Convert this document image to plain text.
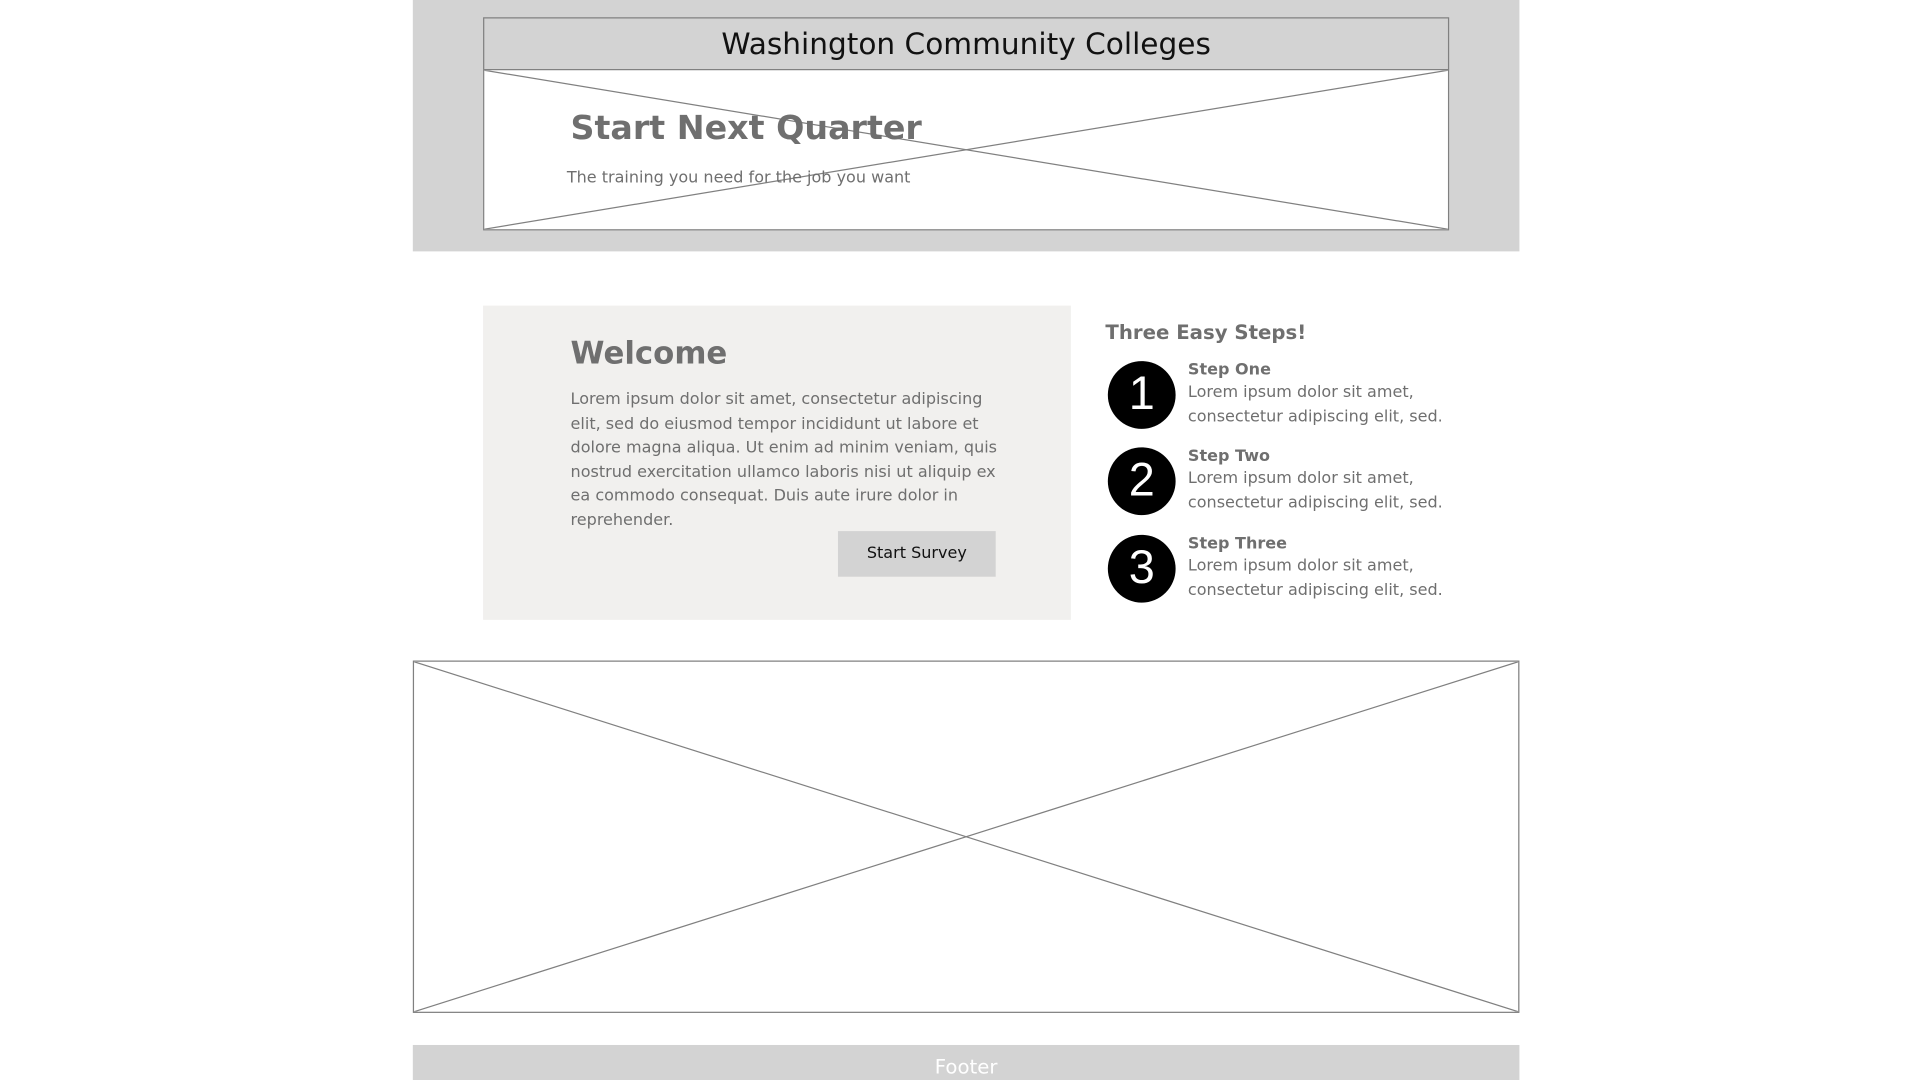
Washington Community Colleges
Start Next Quarter
The training you need for the job you want
Welcome
Lorem ipsum dolor sit amet, consectetur adipiscing elit, sed do eiusmod tempor incididunt ut labore et dolore magna aliqua. Ut enim ad minim veniam, quis nostrud exercitation ullamco laboris nisi ut aliquip ex ea commodo consequat. Duis aute irure dolor in reprehender.
Start Survey
Three Easy Steps!
1	Step One
Lorem ipsum dolor sit amet, consectetur adipiscing elit, sed.
2	Step Two
Lorem ipsum dolor sit amet, consectetur adipiscing elit, sed.
3	Step Three
Lorem ipsum dolor sit amet, consectetur adipiscing elit, sed.
Footer
